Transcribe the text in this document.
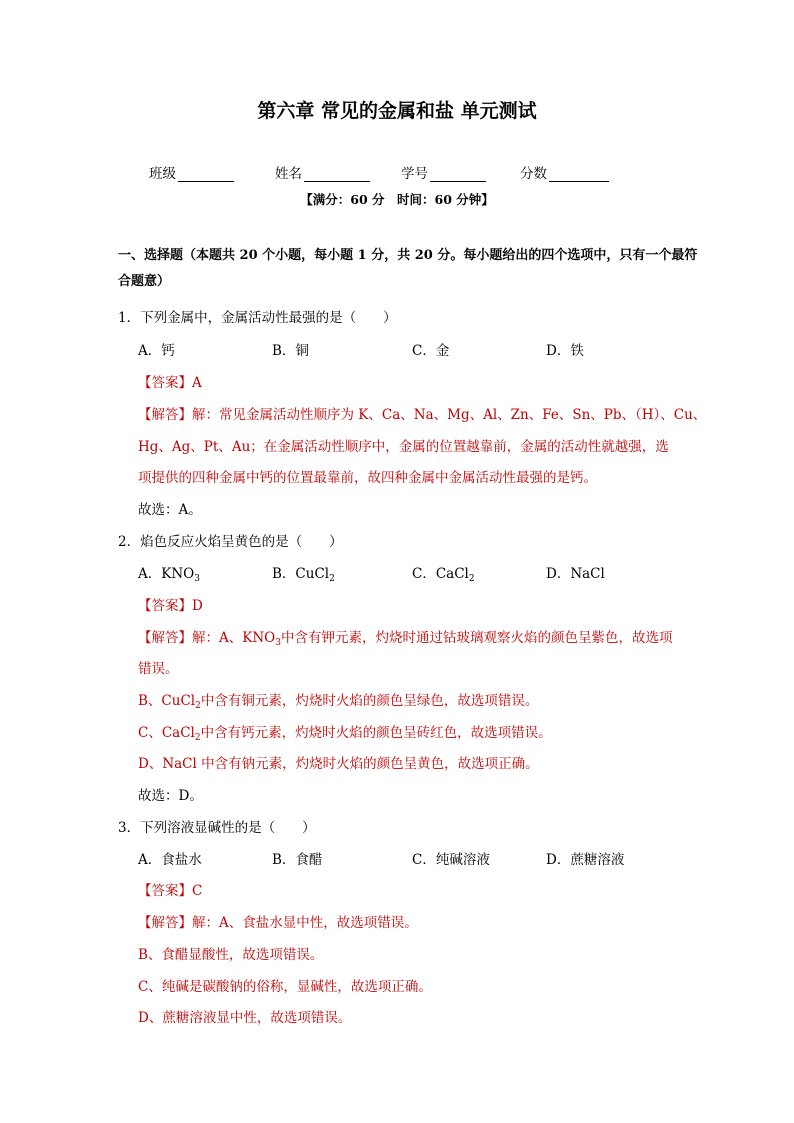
第六章 常见的金属和盐 单元测试
班级	姓名	学号	分数
【满分：60 分　时间：60 分钟】
一、选择题（本题共 20 个小题，每小题 1 分，共 20 分。每小题给出的四个选项中，只有一个最符合题意）
1．下列金属中，金属活动性最强的是（　　）
A．钙	B．铜	C．金	D．铁
【答案】A
【解答】解：常见金属活动性顺序为 K、Ca、Na、Mg、Al、Zn、Fe、Sn、Pb、（H）、Cu、
Hg、Ag、Pt、Au；在金属活动性顺序中，金属的位置越靠前，金属的活动性就越强，选
项提供的四种金属中钙的位置最靠前，故四种金属中金属活动性最强的是钙。
故选：A。
2．焰色反应火焰呈黄色的是（　　）
A．$KNO_3$	B．CuCl$_2$	C．CaCl$_2$	D．NaCl
【答案】D
【解答】解：A、$KNO_3$中含有钾元素，灼烧时通过钴玻璃观察火焰的颜色呈紫色，故选项
错误。
B、CuCl$_2$中含有铜元素，灼烧时火焰的颜色呈绿色，故选项错误。
C、CaCl$_2$中含有钙元素，灼烧时火焰的颜色呈砖红色，故选项错误。
D、NaCl 中含有钠元素，灼烧时火焰的颜色呈黄色，故选项正确。
故选：D。
3．下列溶液显碱性的是（　　）
A．食盐水	B．食醋	C．纯碱溶液	D．蔗糖溶液
【答案】C
【解答】解：A、食盐水显中性，故选项错误。
B、食醋显酸性，故选项错误。
C、纯碱是碳酸钠的俗称，显碱性，故选项正确。
D、蔗糖溶液显中性，故选项错误。
